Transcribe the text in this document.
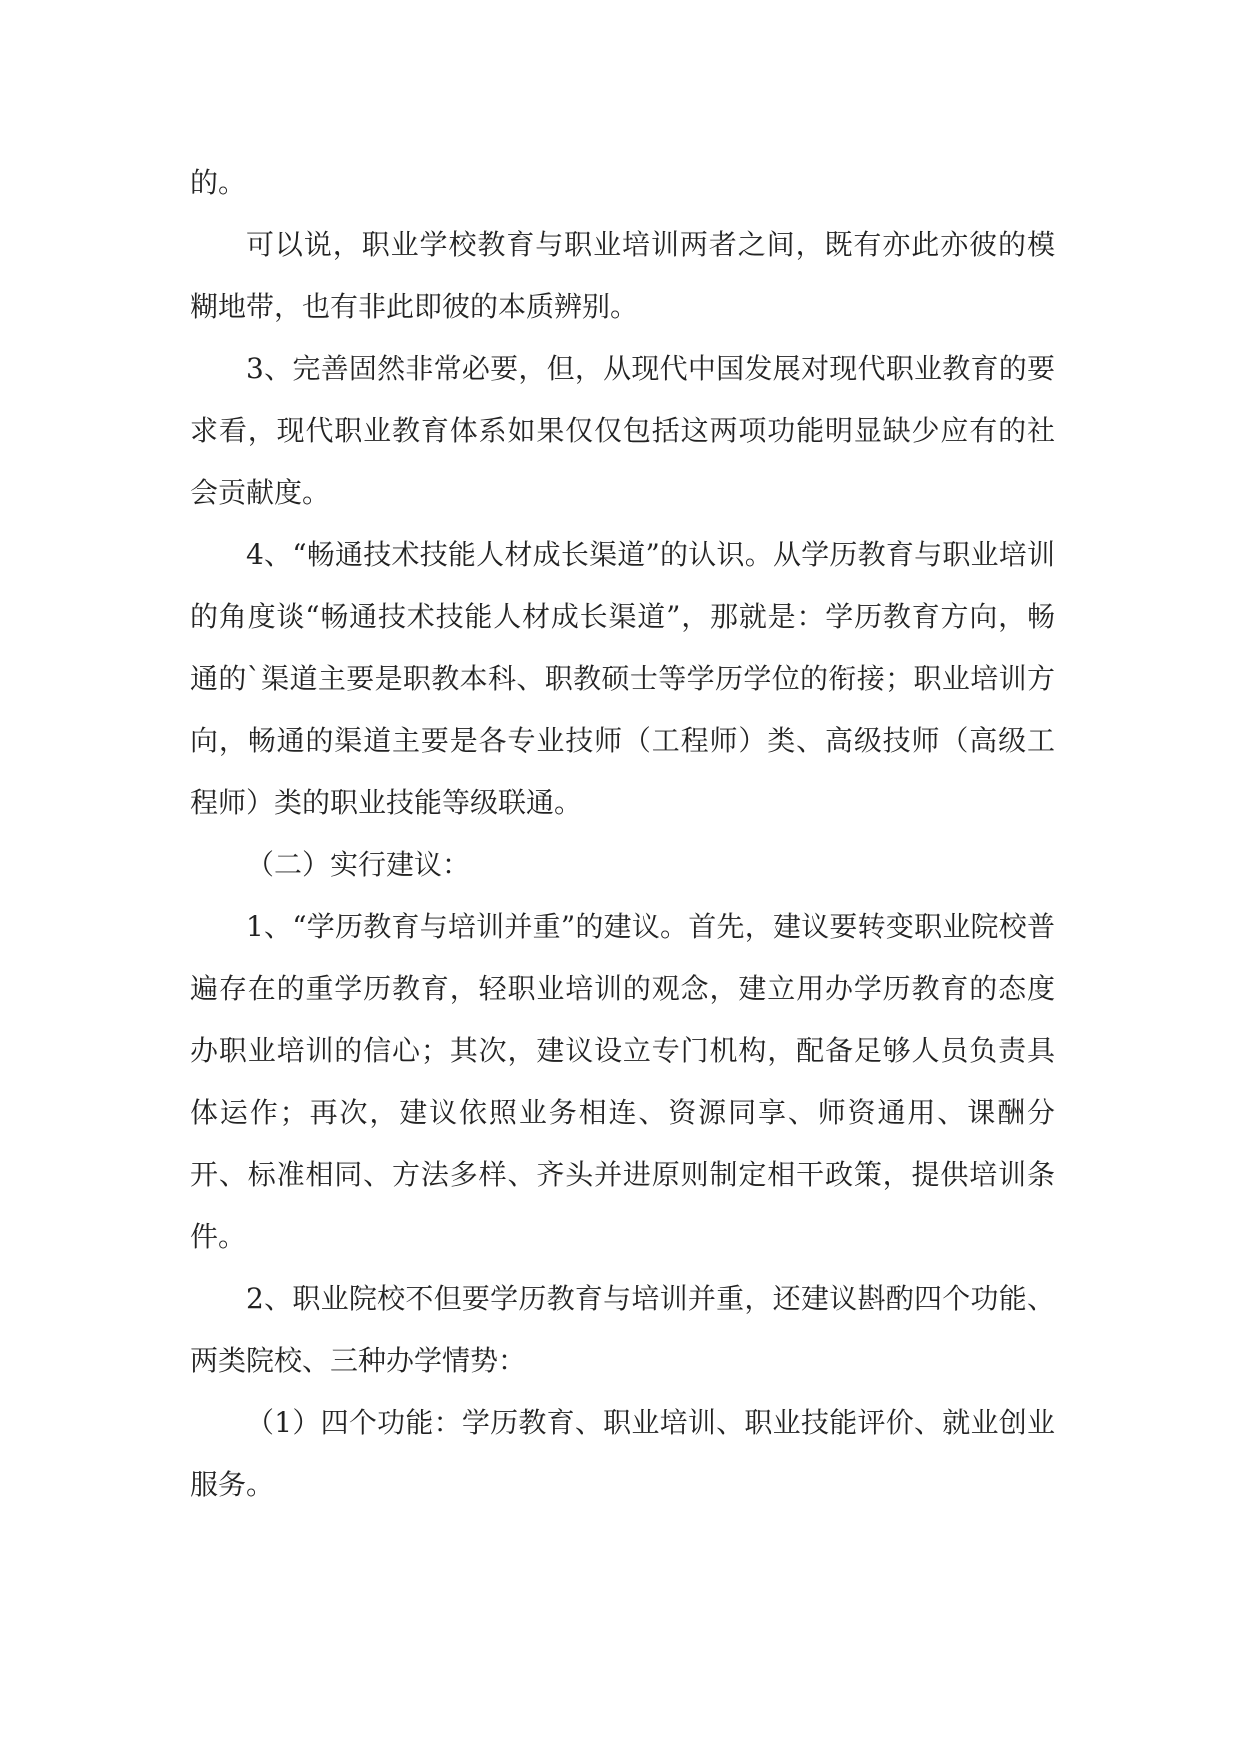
的。

可以说，职业学校教育与职业培训两者之间，既有亦此亦彼的模糊地带，也有非此即彼的本质辨别。

3、完善固然非常必要，但，从现代中国发展对现代职业教育的要求看，现代职业教育体系如果仅仅包括这两项功能明显缺少应有的社会贡献度。

4、“畅通技术技能人材成长渠道”的认识。从学历教育与职业培训的角度谈“畅通技术技能人材成长渠道”，那就是：学历教育方向，畅通的`渠道主要是职教本科、职教硕士等学历学位的衔接；职业培训方向，畅通的渠道主要是各专业技师（工程师）类、高级技师（高级工程师）类的职业技能等级联通。

（二）实行建议：

1、“学历教育与培训并重”的建议。首先，建议要转变职业院校普遍存在的重学历教育，轻职业培训的观念，建立用办学历教育的态度办职业培训的信心；其次，建议设立专门机构，配备足够人员负责具体运作；再次，建议依照业务相连、资源同享、师资通用、课酬分开、标准相同、方法多样、齐头并进原则制定相干政策，提供培训条件。

2、职业院校不但要学历教育与培训并重，还建议斟酌四个功能、两类院校、三种办学情势：

（1）四个功能：学历教育、职业培训、职业技能评价、就业创业服务。
